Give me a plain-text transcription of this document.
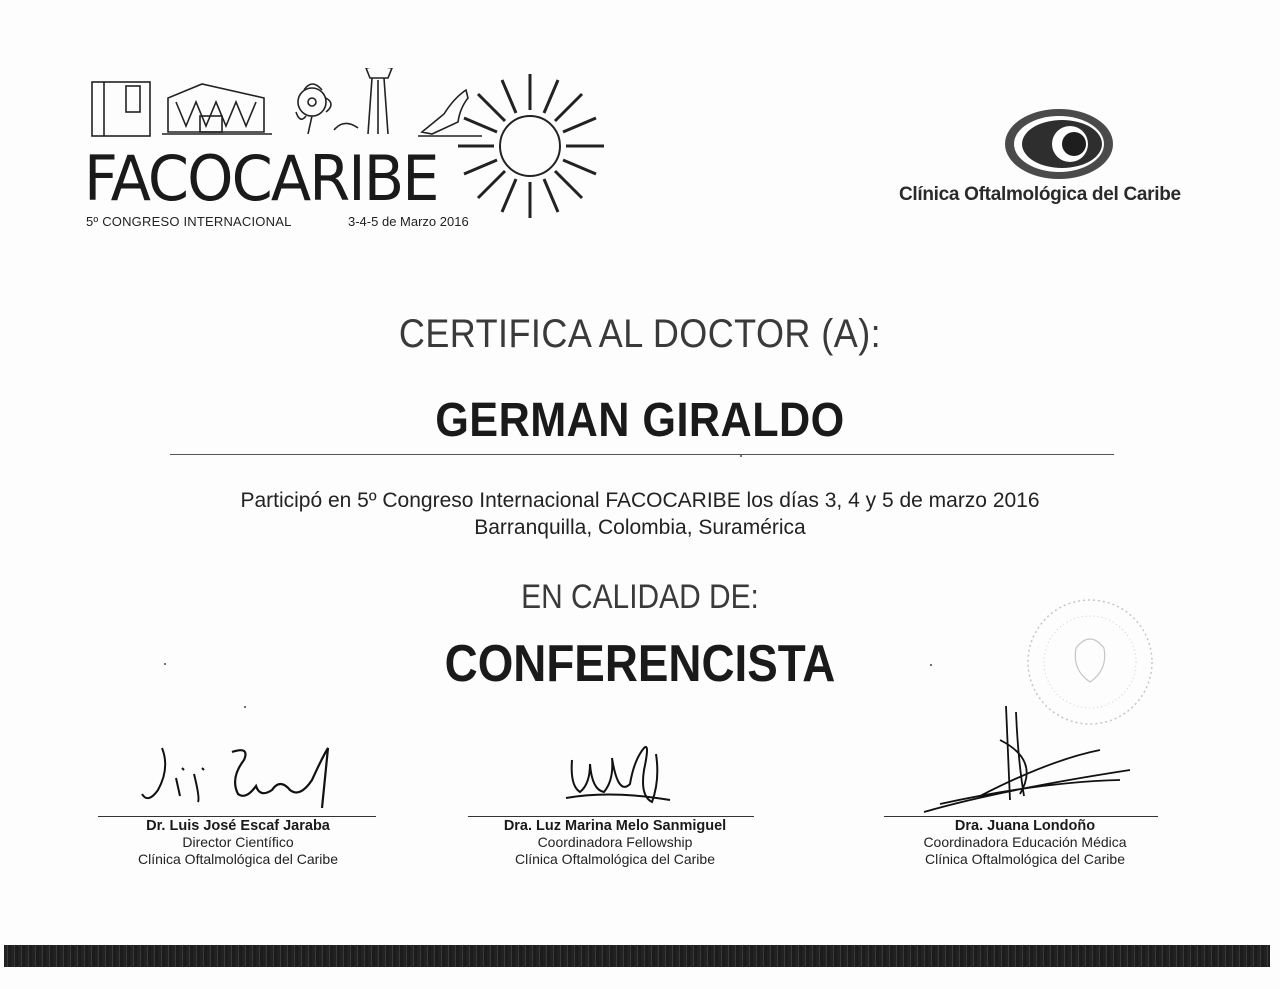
FACOCARIBE
5º CONGRESO INTERNACIONAL	3-4-5 de Marzo 2016
Clínica Oftalmológica del Caribe
CERTIFICA AL DOCTOR (A):
GERMAN GIRALDO
Participó en 5º Congreso Internacional FACOCARIBE los días 3, 4 y 5 de marzo 2016
Barranquilla, Colombia, Suramérica
EN CALIDAD DE:
CONFERENCISTA
Dr. Luis José Escaf Jaraba
Director Científico
Clínica Oftalmológica del Caribe
Dra. Luz Marina Melo Sanmiguel
Coordinadora Fellowship
Clínica Oftalmológica del Caribe
Dra. Juana Londoño
Coordinadora Educación Médica
Clínica Oftalmológica del Caribe
